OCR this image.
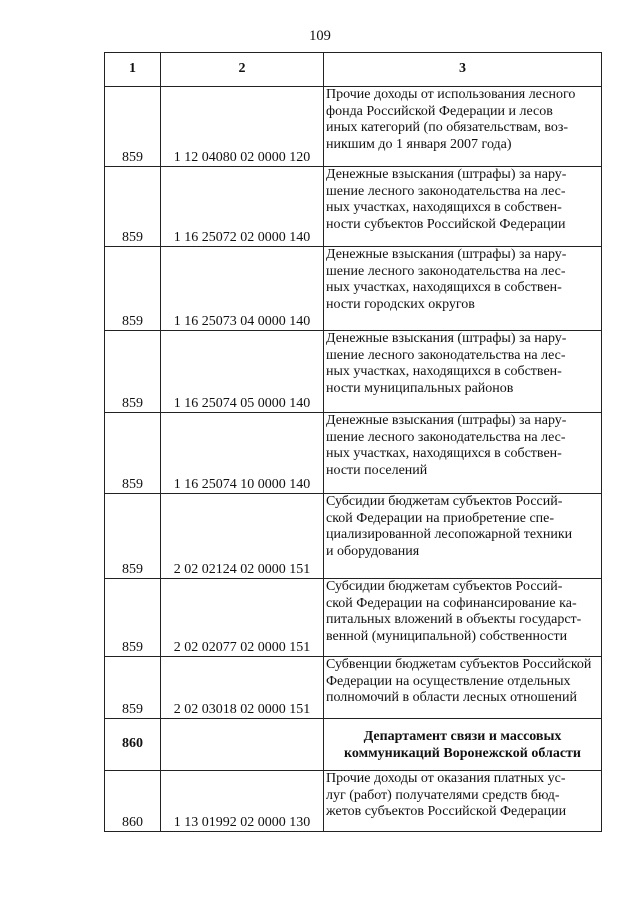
109
1	2	3
859	1 12 04080 02 0000 120	Прочие доходы от использования лесного
фонда Российской Федерации и лесов
иных категорий (по обязательствам, воз-
никшим до 1 января 2007 года)

859	1 16 25072 02 0000 140	Денежные взыскания (штрафы) за нару-
шение лесного законодательства на лес-
ных участках, находящихся в собствен-
ности субъектов Российской Федерации

859	1 16 25073 04 0000 140	Денежные взыскания (штрафы) за нару-
шение лесного законодательства на лес-
ных участках, находящихся в собствен-
ности городских округов

859	1 16 25074 05 0000 140	Денежные взыскания (штрафы) за нару-
шение лесного законодательства на лес-
ных участках, находящихся в собствен-
ности муниципальных районов

859	1 16 25074 10 0000 140	Денежные взыскания (штрафы) за нару-
шение лесного законодательства на лес-
ных участках, находящихся в собствен-
ности поселений

859	2 02 02124 02 0000 151	Субсидии бюджетам субъектов Россий-
ской Федерации на приобретение спе-
циализированной лесопожарной техники
и оборудования

859	2 02 02077 02 0000 151	Субсидии бюджетам субъектов Россий-
ской Федерации на софинансирование ка-
питальных вложений в объекты государст-
венной (муниципальной) собственности

859	2 02 03018 02 0000 151	Субвенции бюджетам субъектов Российской
Федерации на осуществление отдельных
полномочий в области лесных отношений

860		Департамент связи и массовых
коммуникаций Воронежской области

860	1 13 01992 02 0000 130	Прочие доходы от оказания платных ус-
луг (работ) получателями средств бюд-
жетов субъектов Российской Федерации
